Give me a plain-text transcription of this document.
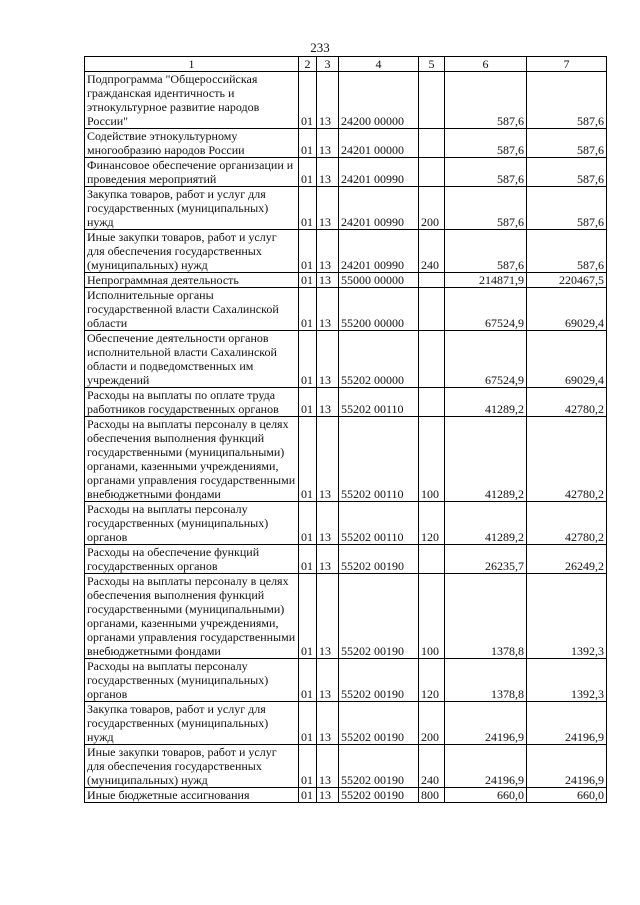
233
1	2	3	4	5	6	7
Подпрограмма "Общероссийская гражданская идентичность и этнокультурное развитие народов России"	01	13	24200 00000		587,6	587,6
Содействие этнокультурному многообразию народов России	01	13	24201 00000		587,6	587,6
Финансовое обеспечение организации и проведения мероприятий	01	13	24201 00990		587,6	587,6
Закупка товаров, работ и услуг для государственных (муниципальных) нужд	01	13	24201 00990	200	587,6	587,6
Иные закупки товаров, работ и услуг для обеспечения государственных (муниципальных) нужд	01	13	24201 00990	240	587,6	587,6
Непрограммная деятельность	01	13	55000 00000		214871,9	220467,5
Исполнительные органы государственной власти Сахалинской области	01	13	55200 00000		67524,9	69029,4
Обеспечение деятельности органов исполнительной власти Сахалинской области и подведомственных им учреждений	01	13	55202 00000		67524,9	69029,4
Расходы на выплаты по оплате труда работников государственных органов	01	13	55202 00110		41289,2	42780,2
Расходы на выплаты персоналу в целях обеспечения выполнения функций государственными (муниципальными) органами, казенными учреждениями, органами управления государственными внебюджетными фондами	01	13	55202 00110	100	41289,2	42780,2
Расходы на выплаты персоналу государственных (муниципальных) органов	01	13	55202 00110	120	41289,2	42780,2
Расходы на обеспечение функций государственных органов	01	13	55202 00190		26235,7	26249,2
Расходы на выплаты персоналу в целях обеспечения выполнения функций государственными (муниципальными) органами, казенными учреждениями, органами управления государственными внебюджетными фондами	01	13	55202 00190	100	1378,8	1392,3
Расходы на выплаты персоналу государственных (муниципальных) органов	01	13	55202 00190	120	1378,8	1392,3
Закупка товаров, работ и услуг для государственных (муниципальных) нужд	01	13	55202 00190	200	24196,9	24196,9
Иные закупки товаров, работ и услуг для обеспечения государственных (муниципальных) нужд	01	13	55202 00190	240	24196,9	24196,9
Иные бюджетные ассигнования	01	13	55202 00190	800	660,0	660,0
